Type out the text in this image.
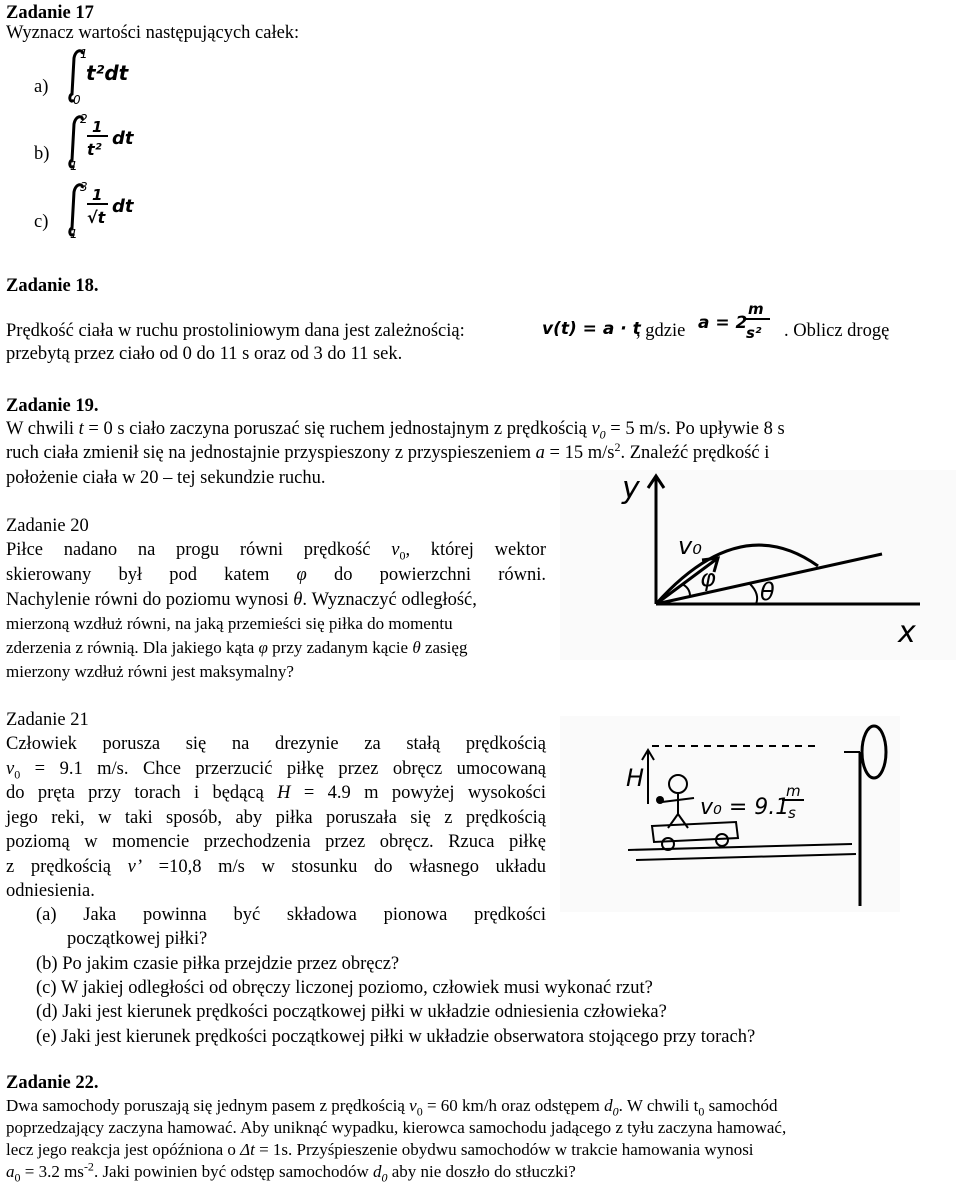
Zadanie 17
Wyznacz wartości następujących całek:
a)
b)
c)
1
0
t²dt
2
1
1
t²
dt
3
1
1
√t
dt
Zadanie 18.
Prędkość ciała w ruchu prostoliniowym dana jest zależnością:	v(t) = a · t
, gdzie a = 2
m
s² . Oblicz drogę
przebytą przez ciało od 0 do 11 s oraz od 3 do 11 sek.
Zadanie 19.
W chwili t = 0 s ciało zaczyna poruszać się ruchem jednostajnym z prędkością $v_0 = 5$ m/s. Po upływie 8 s
ruch ciała zmienił się na jednostajnie przyspieszony z przyspieszeniem a = 15 $m/s^2$. Znaleźć prędkość i
położenie ciała w 20 – tej sekundzie ruchu.
Zadanie 20
Piłce nadano na progu równi prędkość $v_0$, której wektor
skierowany był pod katem φ do powierzchni równi.
Nachylenie równi do poziomu wynosi θ. Wyznaczyć odległość,
mierzoną wzdłuż równi, na jaką przemieści się piłka do momentu
zderzenia z równią. Dla jakiego kąta φ przy zadanym kącie θ zasięg
mierzony wzdłuż równi jest maksymalny?
y
x
v₀
φ θ
Zadanie 21
Człowiek porusza się na drezynie za stałą prędkością
$v_0 = 9.1$ m/s. Chce przerzucić piłkę przez obręcz umocowaną
do pręta przy torach i będącą H = 4.9 m powyżej wysokości
jego reki, w taki sposób, aby piłka poruszała się z prędkością
poziomą w momencie przechodzenia przez obręcz. Rzuca piłkę
z prędkością v’ =10,8 m/s w stosunku do własnego układu
odniesienia.
(a) Jaka powinna być składowa pionowa prędkości
początkowej piłki?
(b) Po jakim czasie piłka przejdzie przez obręcz?
(c) W jakiej odległości od obręczy liczonej poziomo, człowiek musi wykonać rzut?
(d) Jaki jest kierunek prędkości początkowej piłki w układzie odniesienia człowieka?
(e) Jaki jest kierunek prędkości początkowej piłki w układzie obserwatora stojącego przy torach?
H
v₀ = 9.1
m
s
Zadanie 22.
Dwa samochody poruszają się jednym pasem z prędkością $v_0 = 60$ km/h oraz odstępem $d_0$. W chwili $t_0$ samochód
poprzedzający zaczyna hamować. Aby uniknąć wypadku, kierowca samochodu jadącego z tyłu zaczyna hamować,
lecz jego reakcja jest opóźniona o Δt = 1s. Przyśpieszenie obydwu samochodów w trakcie hamowania wynosi
$a_0 = 3.2$ $ms^{-2}$. Jaki powinien być odstęp samochodów $d_0$ aby nie doszło do stłuczki?
